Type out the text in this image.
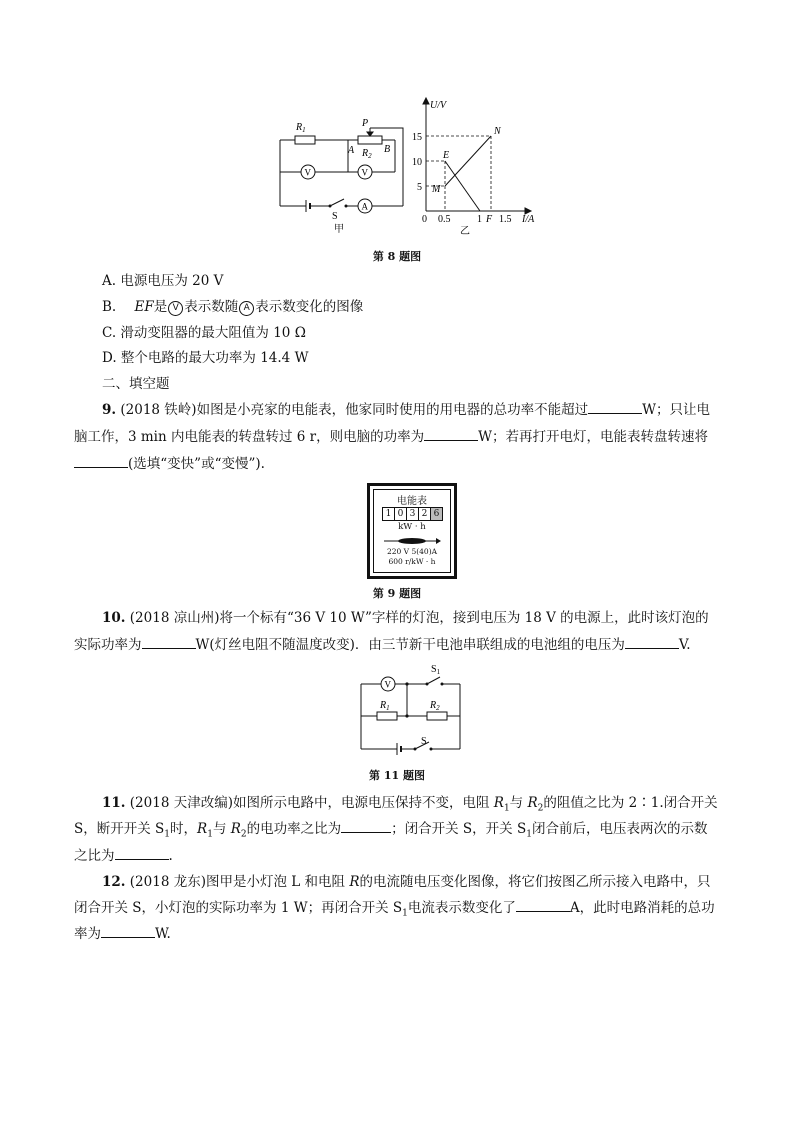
$R_1$
P
A $R_2$
B
V	V
A
S
甲
U/V
I/A
15
10
5
0 0.5	1 1.5
E
M
N
F
乙
第 8 题图
A. 电源电压为 20 V
B. EF是 V 表示数随 A 表示数变化的图像
C. 滑动变阻器的最大阻值为 10 Ω
D. 整个电路的最大功率为 14.4 W
二、填空题
9. (2018 铁岭)如图是小亮家的电能表，他家同时使用的用电器的总功率不能超过	W；只让电
脑工作，3 min 内电能表的转盘转过 6 r，则电脑的功率为	W；若再打开电灯，电能表转盘转速将
(选填“变快”或“变慢”).
电能表
1 0 3 2 6
kW · h
220 V 5(40)A
600 r/kW · h
第 9 题图
10. (2018 凉山州)将一个标有“36 V 10 W”字样的灯泡，接到电压为 18 V 的电源上，此时该灯泡的
实际功率为	W(灯丝电阻不随温度改变)．由三节新干电池串联组成的电池组的电压为	V.
V
$S_1$
$R_1$	$R_2$
S
第 11 题图
11. (2018 天津改编)如图所示电路中，电源电压保持不变，电阻 $R_1$与 $R_2$的阻值之比为 2∶1.闭合开关
S，断开开关 $S_1$时，$R_1$与 $R_2$的电功率之比为	；闭合开关 S，开关 $S_1$闭合前后，电压表两次的示数
之比为	.
12. (2018 龙东)图甲是小灯泡 L 和电阻 R的电流随电压变化图像，将它们按图乙所示接入电路中，只
闭合开关 S，小灯泡的实际功率为 1 W；再闭合开关 $S_1$电流表示数变化了	A，此时电路消耗的总功
率为	W.
